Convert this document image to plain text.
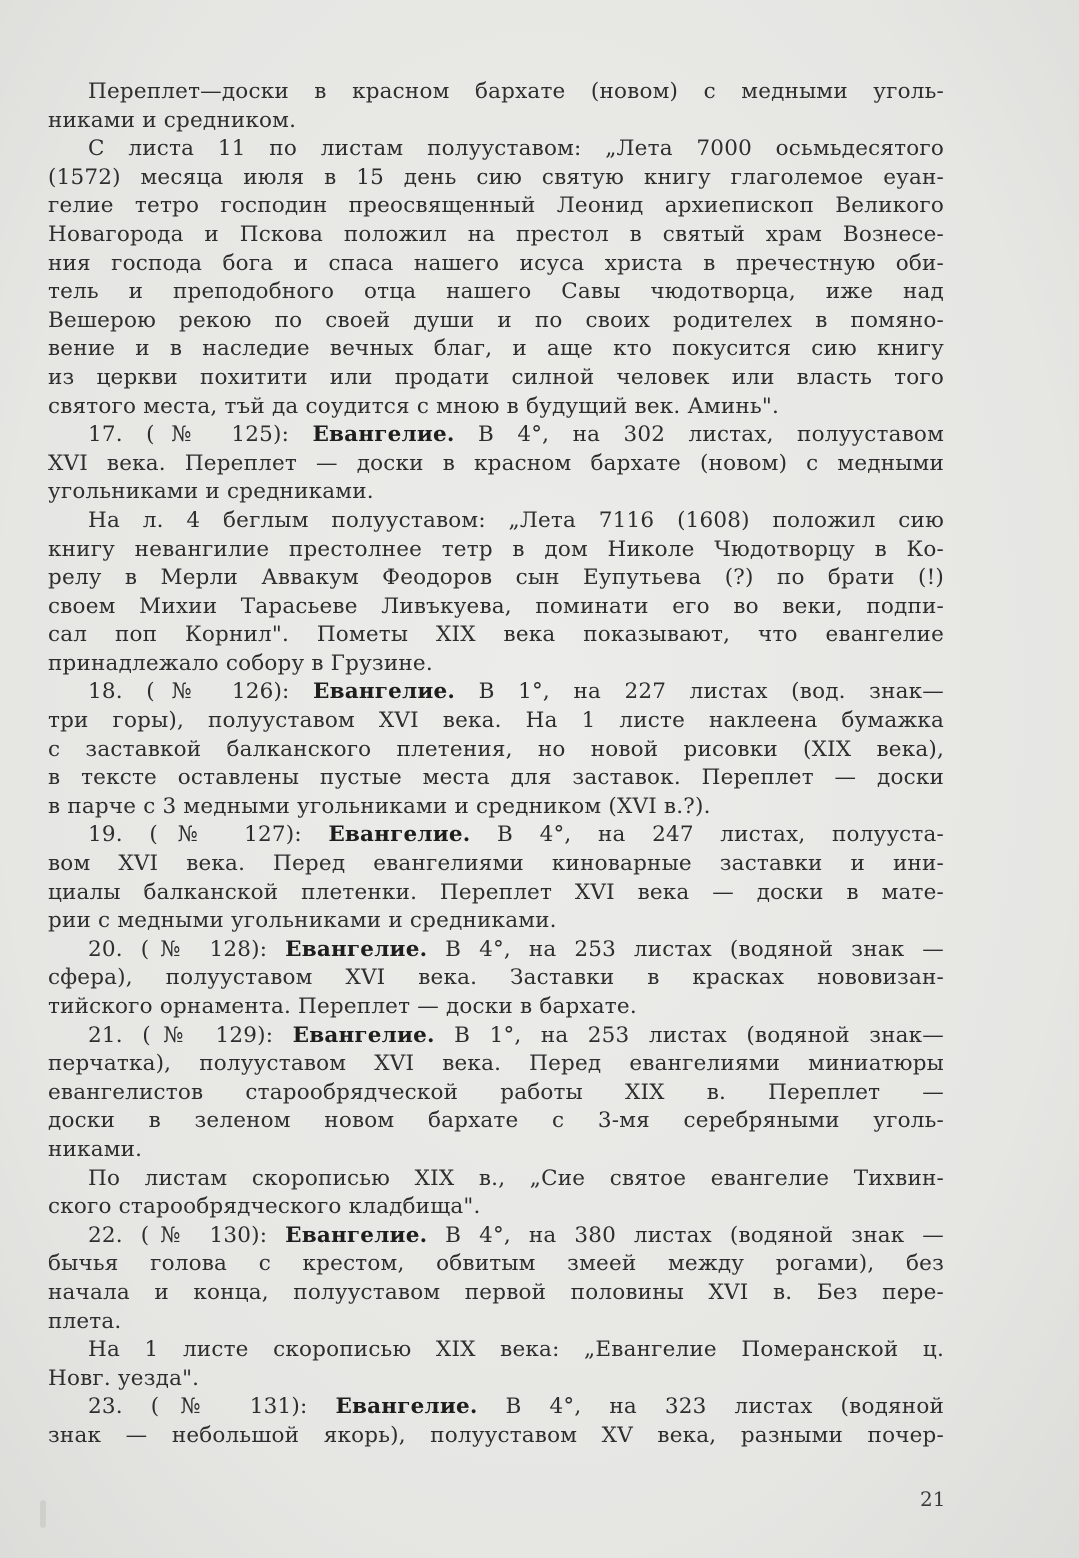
Переплет—доски в красном бархате (новом) с медными уголь-
никами и средником.
С листа 11 по листам полууставом: „Лета 7000 осьмьдесятого
(1572) месяца июля в 15 день сию святую книгу глаголемое еуан-
гелие тетро господин преосвященный Леонид архиепископ Великого
Новагорода и Пскова положил на престол в святый храм Вознесе-
ния господа бога и спаса нашего исуса христа в пречестную оби-
тель и преподобного отца нашего Савы чюдотворца, иже над
Вешерою рекою по своей души и по своих родителех в помяно-
вение и в наследие вечных благ, и аще кто покусится сию книгу
из церкви похитити или продати силной человек или власть того
святого места, тъй да соудится с мною в будущий век. Аминь".
17. (№ 125): Евангелие. В 4°, на 302 листах, полууставом
XVI века. Переплет — доски в красном бархате (новом) с медными
угольниками и средниками.
На л. 4 беглым полууставом: „Лета 7116 (1608) положил сию
книгу невангилие престолнее тетр в дом Николе Чюдотворцу в Ко-
релу в Мерли Аввакум Феодоров сын Еупутьева (?) по брати (!)
своем Михии Тарасьеве Ливъкуева, поминати его во веки, подпи-
сал поп Корнил". Пометы XIX века показывают, что евангелие
принадлежало собору в Грузине.
18. (№ 126): Евангелие. В 1°, на 227 листах (вод. знак—
три горы), полууставом XVI века. На 1 листе наклеена бумажка
с заставкой балканского плетения, но новой рисовки (XIX века),
в тексте оставлены пустые места для заставок. Переплет — доски
в парче с 3 медными угольниками и средником (XVI в.?).
19. (№ 127): Евангелие. В 4°, на 247 листах, полууста-
вом XVI века. Перед евангелиями киноварные заставки и ини-
циалы балканской плетенки. Переплет XVI века — доски в мате-
рии с медными угольниками и средниками.
20. (№ 128): Евангелие. В 4°, на 253 листах (водяной знак —
сфера), полууставом XVI века. Заставки в красках нововизан-
тийского орнамента. Переплет — доски в бархате.
21. (№ 129): Евангелие. В 1°, на 253 листах (водяной знак—
перчатка), полууставом XVI века. Перед евангелиями миниатюры
евангелистов старообрядческой работы XIX в. Переплет —
доски в зеленом новом бархате с 3-мя серебряными уголь-
никами.
По листам скорописью XIX в., „Сие святое евангелие Тихвин-
ского старообрядческого кладбища".
22. (№ 130): Евангелие. В 4°, на 380 листах (водяной знак —
бычья голова с крестом, обвитым змеей между рогами), без
начала и конца, полууставом первой половины XVI в. Без пере-
плета.
На 1 листе скорописью XIX века: „Евангелие Померанской ц.
Новг. уезда".
23. (№ 131): Евангелие. В 4°, на 323 листах (водяной
знак — небольшой якорь), полууставом XV века, разными почер-
21
